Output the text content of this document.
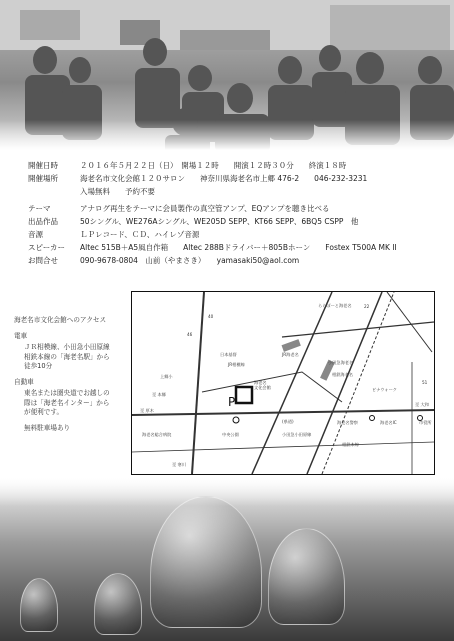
開催日時	２０１６年５月２２日（日）　開場１２時　　開演１２時３０分　　終演１８時
開催場所	海老名市文化会館１２０サロン　　神奈川県海老名市上郷 476-2　　046-232-3231
入場無料　　予約不要
テーマ	アナログ再生をテーマに会員製作の真空管アンプ、EQアンプを聴き比べる
出品作品	50シングル、WE276Aシングル、WE205D SEPP、KT66 SEPP、6BQ5 CSPP　他
音源	ＬＰレコード、ＣＤ、ハイレゾ音源
スピーカー	Altec 515B＋A5風自作箱　　Altec 288Bドライバー＋805Bホーン　　Fostex T500A MK II
お問合せ	090-9678-0804　山前（やまさき）　　yamasaki50@aol.com
海老名市文化会館へのアクセス
電車
ＪＲ相模線、小田急小田原線相鉄本線の「海老名駅」から徒歩10分
自動車
東名または圏央道でお越しの際は「海老名インター」からが便利です。
無料駐車場あり
ららぽーと海老名
JR海老名
小田急海老名
相鉄海老名
ビナウォーク
海老名
文化会館
P
至 厚木
至 寒川
至 大和
小田急小田原線
JR相模線
相鉄本線
海老名総合病院
上郷小
(県道)	海老名警察
日本基督
海老名IC
至 本郷
中央公園
市役所
46
40
22
51
